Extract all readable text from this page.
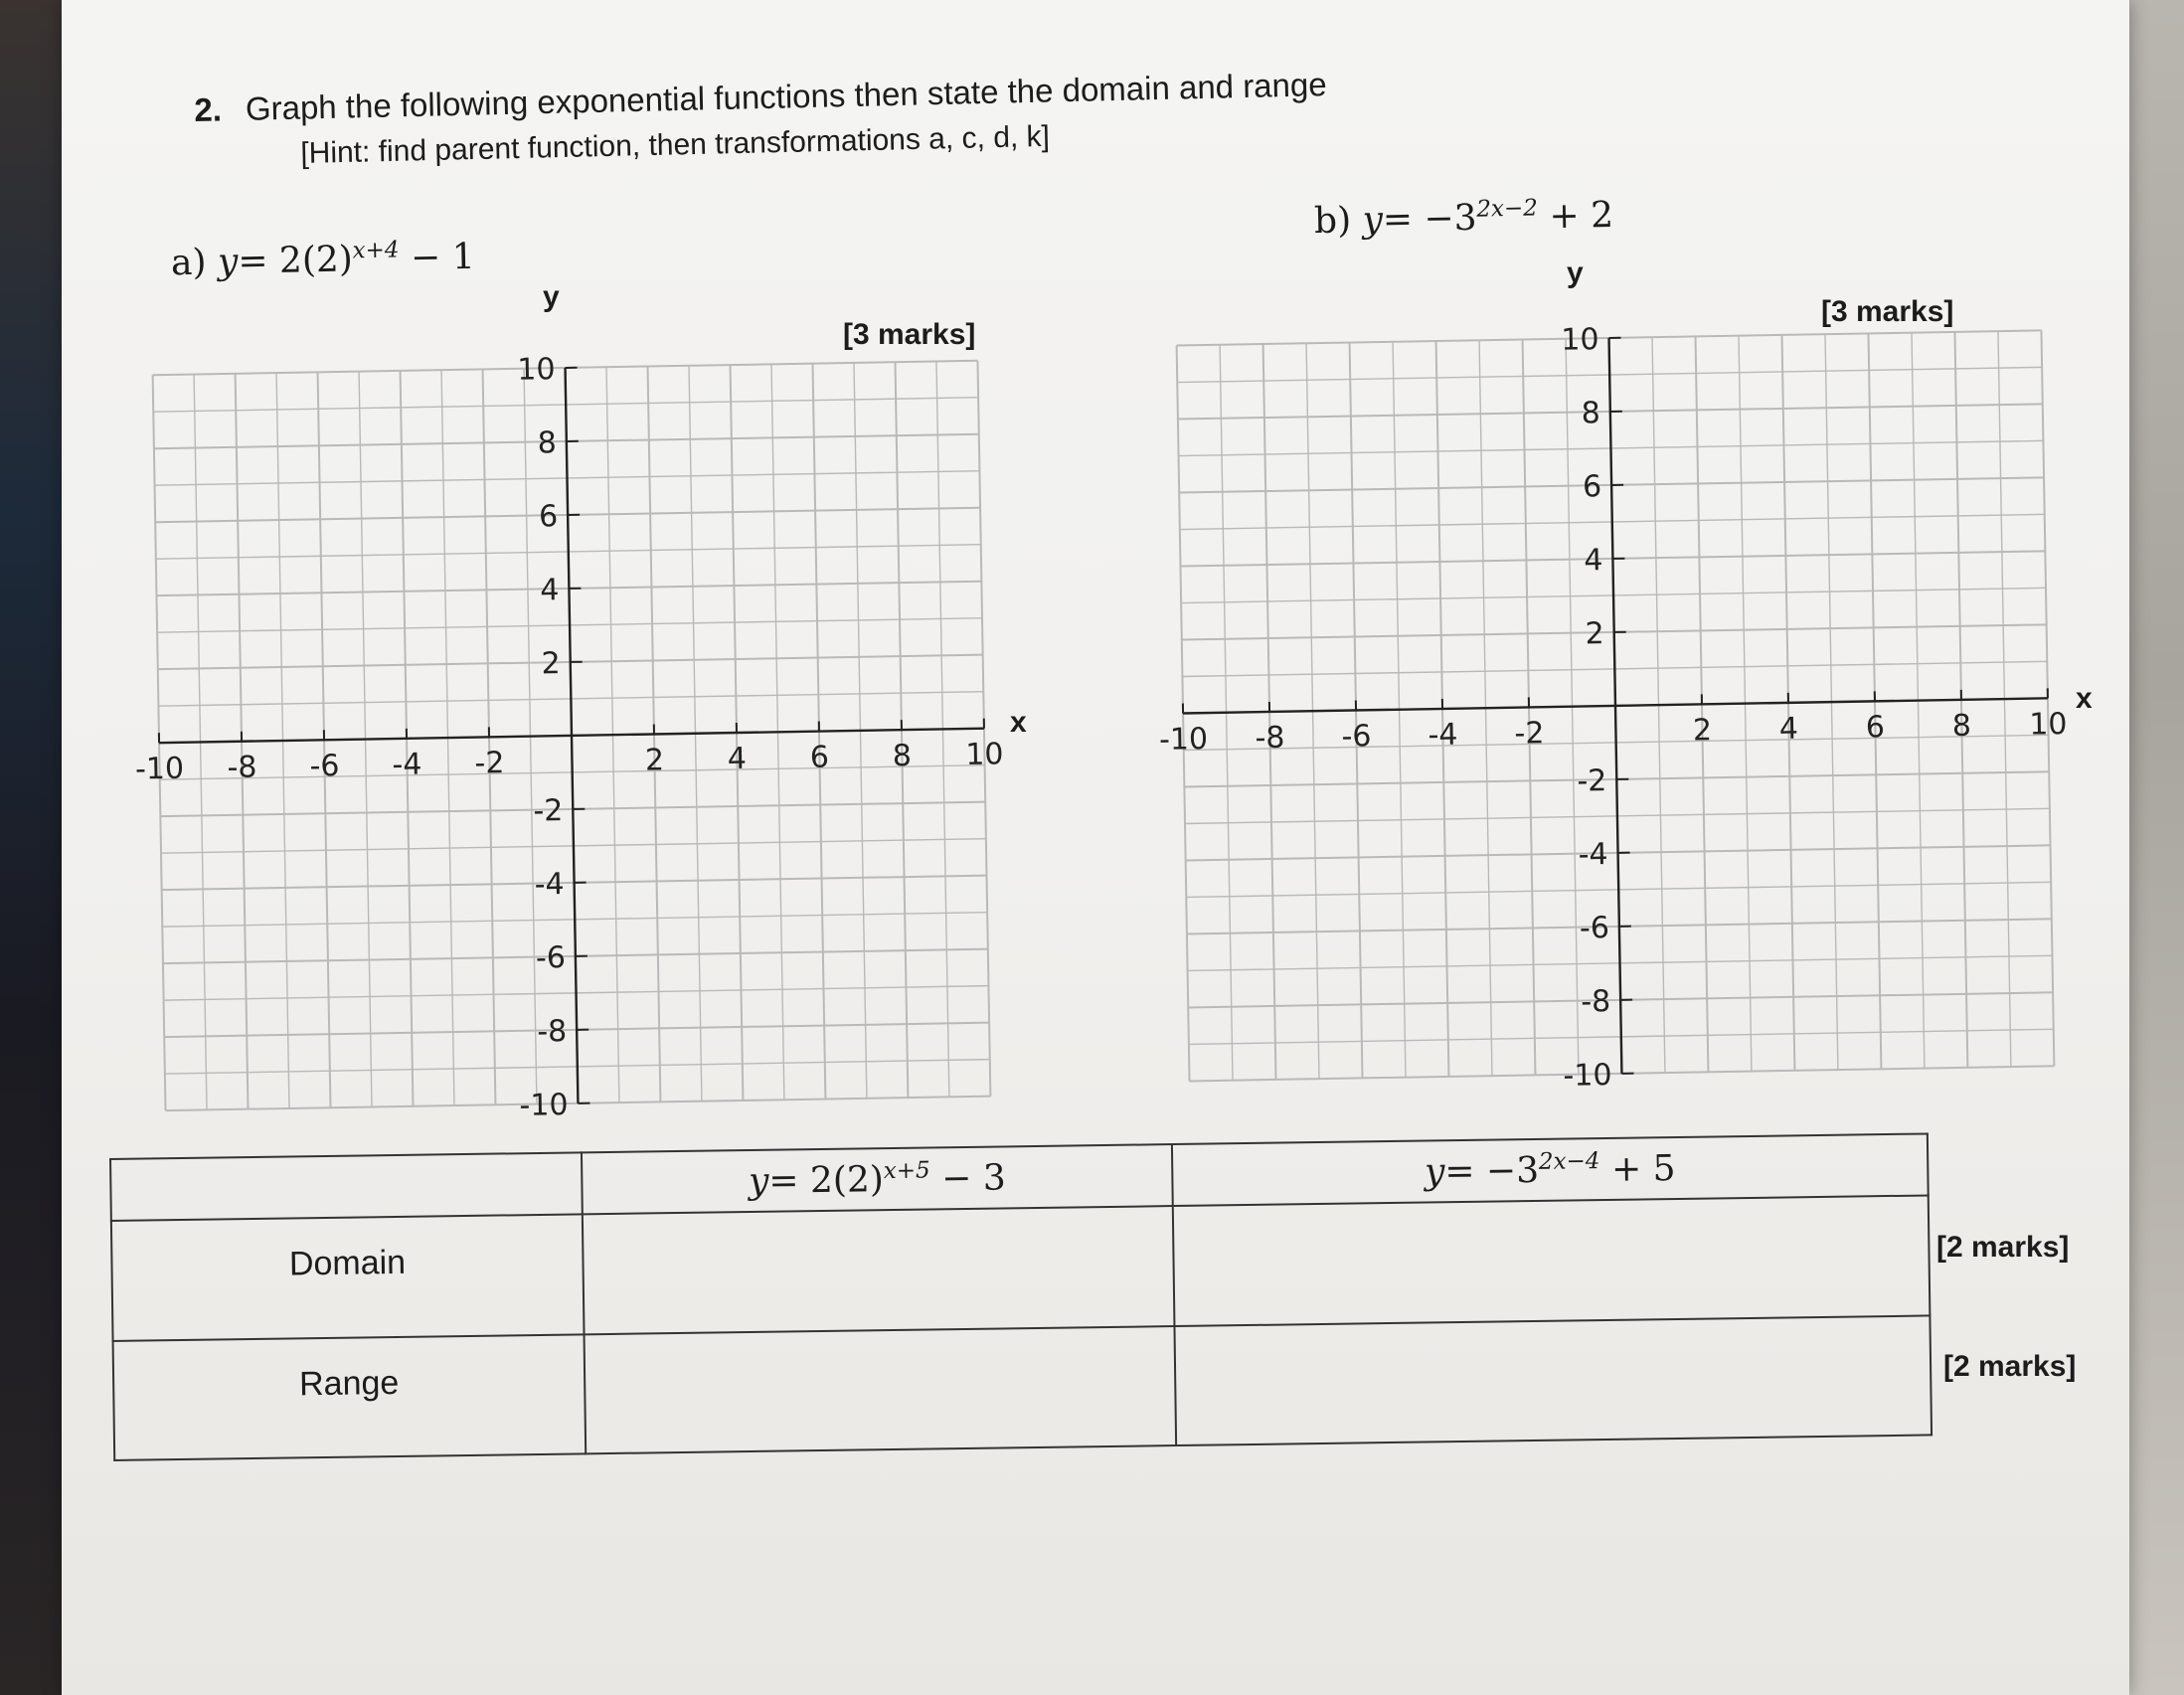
2. Graph the following exponential functions then state the domain and range
[Hint: find parent function, then transformations a, c, d, k]
a) $y= 2(2)^{x+4} - 1$
b) $y= -3^{2x-2} + 2$
[3 marks]
[3 marks]
y
x
y
x
-10 -8 -6 -4 -2	2 4 6 8 10
10
8
6
4
2
-2
-4
-6
-8
-10
-10 -8 -6 -4 -2	2 4 6 8 10
10
8
6
4
2
-2
-4
-6
-8
-10
	$y= 2(2)^{x+5} - 3$	$y= -3^{2x-4} + 5$
Domain		
Range		
[2 marks]
[2 marks]
